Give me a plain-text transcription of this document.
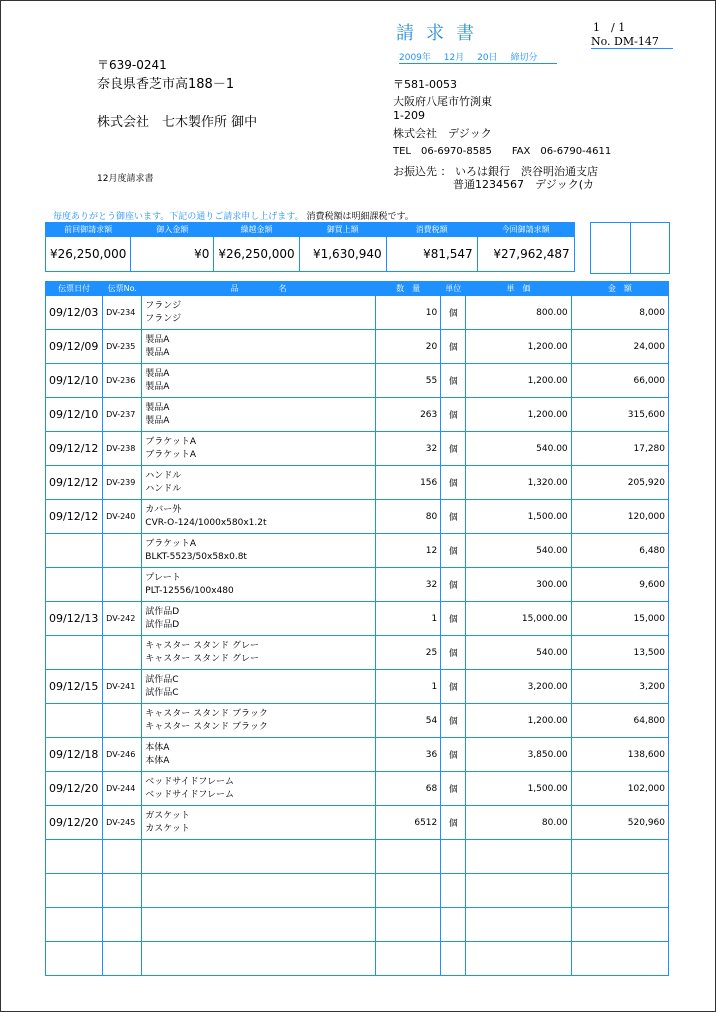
請求書	1　/ 1
No. DM-147
2009年 12月 20日 締切分
〒639-0241
奈良県香芝市高188－1
株式会社　七木製作所 御中
12月度請求書
〒581-0053
大阪府八尾市竹渕東
1-209
株式会社　デジック
TEL　06-6970-8585　　FAX　06-6790-4611
お振込先 ： いろは銀行　渋谷明治通支店
普通1234567　デジック(カ
毎度ありがとう御座います。下記の通りご請求申し上げます。 消費税額は明細課税です。
前回御請求額	御入金額	繰越金額	御買上額	消費税額	今回御請求額
¥26,250,000	¥0	¥26,250,000	¥1,630,940	¥81,547	¥27,962,487
伝票日付	伝票No.	品　　　　　名	数　量	単位	単　価	金　額
09/12/03	DV-234	フランジ
フランジ	10	個	800.00	8,000
09/12/09	DV-235	製品A
製品A	20	個	1,200.00	24,000
09/12/10	DV-236	製品A
製品A	55	個	1,200.00	66,000
09/12/10	DV-237	製品A
製品A	263	個	1,200.00	315,600
09/12/12	DV-238	ブラケットA
ブラケットA	32	個	540.00	17,280
09/12/12	DV-239	ハンドル
ハンドル	156	個	1,320.00	205,920
09/12/12	DV-240	カバー外
CVR-O-124/1000x580x1.2t	80	個	1,500.00	120,000

		ブラケットA
BLKT-5523/50x58x0.8t	12	個	540.00	6,480

		プレート
PLT-12556/100x480	32	個	300.00	9,600
09/12/13	DV-242	試作品D
試作品D	1	個	15,000.00	15,000

		キャスター スタンド グレー
キャスター スタンド グレー	25	個	540.00	13,500
09/12/15	DV-241	試作品C
試作品C	1	個	3,200.00	3,200

		キャスター スタンド ブラック
キャスター スタンド ブラック	54	個	1,200.00	64,800
09/12/18	DV-246	本体A
本体A	36	個	3,850.00	138,600
09/12/20	DV-244	ベッドサイドフレーム
ベッドサイドフレーム	68	個	1,500.00	102,000
09/12/20	DV-245	ガスケット
カスケット	6512	個	80.00	520,960
